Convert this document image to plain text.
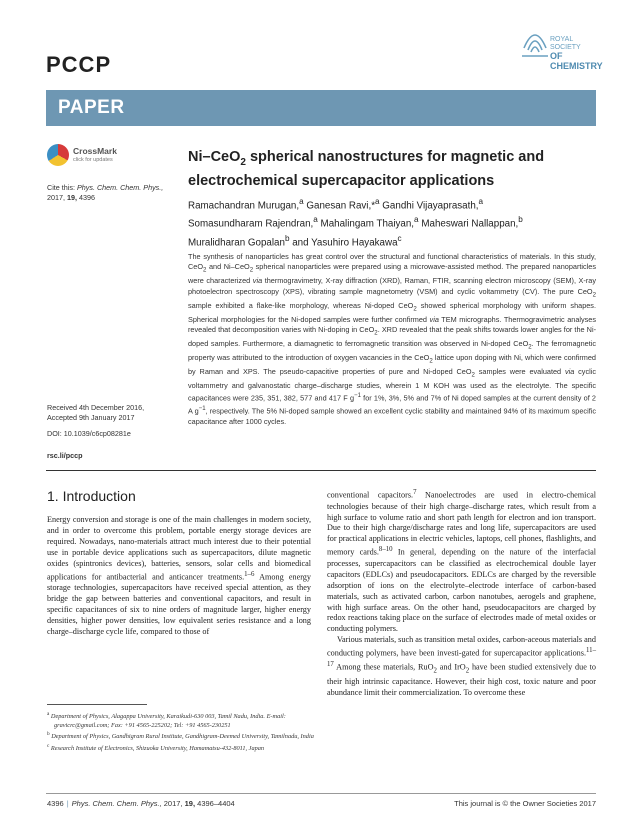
PCCP
ROYAL SOCIETY
OF CHEMISTRY
PAPER
CrossMark
click for updates
Cite this: Phys. Chem. Chem. Phys.,
2017, 19, 4396
Received 4th December 2016,
Accepted 9th January 2017
DOI: 10.1039/c6cp08281e
rsc.li/pccp
Ni–CeO$_2$ spherical nanostructures for magnetic and electrochemical supercapacitor applications
Ramachandran Murugan,$^a$ Ganesan Ravi,*$^a$ Gandhi Vijayaprasath,$^a$
Somasundharam Rajendran,$^a$ Mahalingam Thaiyan,$^a$ Maheswari Nallappan,$^b$
Muralidharan Gopalan$^b$ and Yasuhiro Hayakawa$^c$
The synthesis of nanoparticles has great control over the structural and functional characteristics of materials. In this study, CeO$_2$ and Ni–CeO$_2$ spherical nanoparticles were prepared using a microwave-assisted method. The prepared nanoparticles were characterized via thermogravimetry, X-ray diffraction (XRD), Raman, FTIR, scanning electron microscopy (SEM), X-ray photoelectron spectroscopy (XPS), vibrating sample magnetometry (VSM) and cyclic voltammetry (CV). The pure CeO$_2$ sample exhibited a flake-like morphology, whereas Ni-doped CeO$_2$ showed spherical morphology with uniform shapes. Spherical morphologies for the Ni-doped samples were further confirmed via TEM micrographs. Thermogravimetric analyses revealed that decomposition varies with Ni-doping in CeO$_2$. XRD revealed that the peak shifts towards lower angles for the Ni-doped samples. Furthermore, a diamagnetic to ferromagnetic transition was observed in Ni-doped CeO$_2$. The ferromagnetic property was attributed to the introduction of oxygen vacancies in the CeO$_2$ lattice upon doping with Ni, which were confirmed by Raman and XPS. The pseudo-capacitive properties of pure and Ni-doped CeO$_2$ samples were evaluated via cyclic voltammetry and galvanostatic charge–discharge studies, wherein 1 M KOH was used as the electrolyte. The specific capacitances were 235, 351, 382, 577 and 417 F $g^{-1}$ for 1%, 3%, 5% and 7% of Ni doped samples at the current density of 2 A $g^{-1}$, respectively. The 5% Ni-doped sample showed an excellent cyclic stability and maintained 94% of its maximum specific capacitance after 1000 cycles.
1. Introduction

Energy conversion and storage is one of the main challenges in modern society, and in order to overcome this problem, portable energy storage devices are required. Nowadays, nano-materials attract much interest due to their potential use in portable device applications such as supercapacitors, dilute magnetic oxides (spintronics devices), batteries, sensors, solar cells and biomedical applications for antibacterial and anticancer treatments.$^{1-6}$ Among energy storage technologies, supercapacitors have received special attention, as they bridge the gap between batteries and conventional capacitors, and result in specific capacitances of six to nine orders of magnitude larger, higher energy densities, higher power densities, low equivalent series resistance and a long charge–discharge cycle life, compared to those of

conventional capacitors.$^7$ Nanoelectrodes are used in electro-chemical technologies because of their high charge–discharge rates, which result from a high surface to volume ratio and short path length for electron and ion transport. Due to their high charge/discharge rates and long life, supercapacitors are used for practical applications in electric vehicles, laptops, cell phones, flashlights, and memory cards.$^{8-10}$ In general, depending on the nature of the interfacial processes, supercapacitors can be classified as electrochemical double layer capacitors (EDLCs) and pseudocapacitors. EDLCs are charged by the reversible adsorption of ions on the electrolyte–electrode interface of carbon-based materials, such as activated carbon, carbon nanotubes, aerogels and graphene, with high surface areas. On the other hand, pseudocapacitors are charged by redox reactions taking place on the surface of electrodes made of metal oxides or conducting polymers.

Various materials, such as transition metal oxides, carbon-aceous materials and conducting polymers, have been investi-gated for supercapacitor applications.$^{11-17}$ Among these materials, RuO$_2$ and IrO$_2$ have been studied extensively due to their high intrinsic capacitance. However, their high cost, toxic nature and poor abundance limit their commercialization. To overcome these

$^a$ Department of Physics, Alagappa University, Karaikudi-630 003, Tamil Nadu, India. E-mail: gravicrc@gmail.com; Fax: +91 4565-225202; Tel: +91 4565-230251
$^b$ Department of Physics, Gandhigram Rural Institute, Gandhigram-Deemed University, Tamilnadu, India
$^c$ Research Institute of Electronics, Shizuoka University, Hamamatsu-432-8011, Japan
4396 | Phys. Chem. Chem. Phys., 2017, 19, 4396–4404	This journal is © the Owner Societies 2017
